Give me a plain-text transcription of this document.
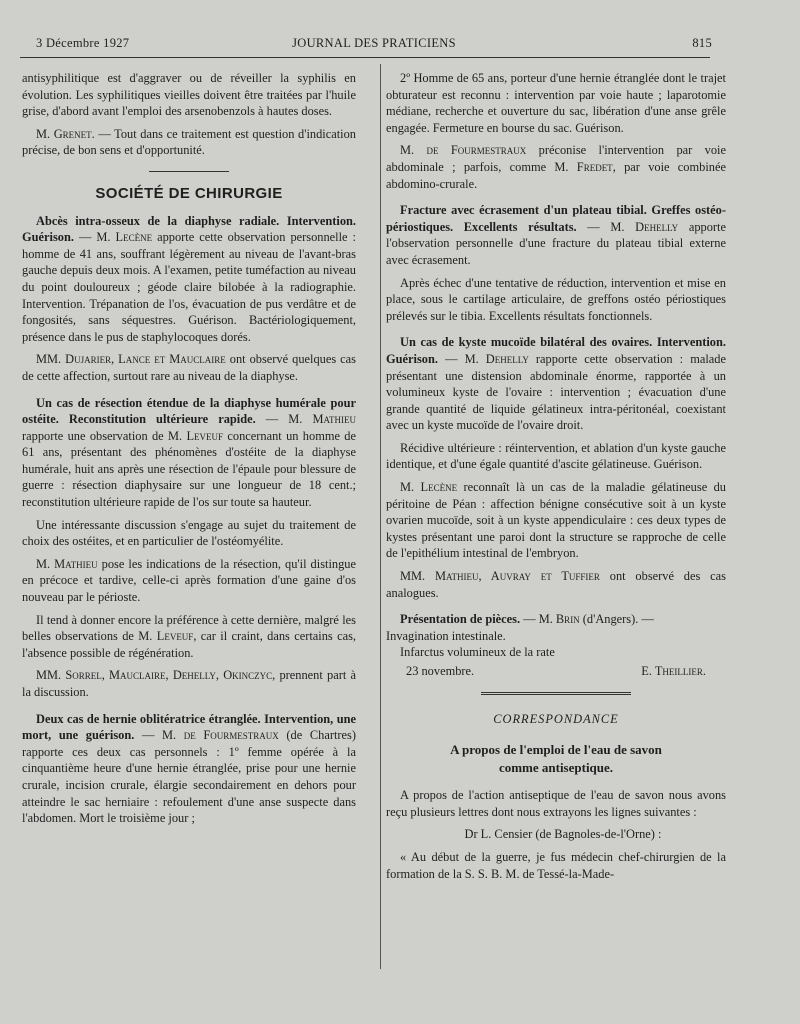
3 Décembre 1927	JOURNAL DES PRATICIENS	815

antisyphilitique est d'aggraver ou de réveiller la syphilis en évolution. Les syphilitiques vieilles doivent être traitées par l'huile grise, d'abord avant l'emploi des arsenobenzols à hautes doses.

M. Grenet. — Tout dans ce traitement est question d'indication précise, de bon sens et d'opportunité.

SOCIÉTÉ DE CHIRURGIE

Abcès intra-osseux de la diaphyse radiale. Intervention. Guérison. — M. Lecène apporte cette observation personnelle : homme de 41 ans, souffrant légèrement au niveau de l'avant-bras gauche depuis deux mois. A l'examen, petite tuméfaction au niveau du point douloureux ; géode claire bilobée à la radiographie. Intervention. Trépanation de l'os, évacuation de pus verdâtre et de fongosités, sans séquestres. Guérison. Bactériologiquement, présence dans le pus de staphylocoques dorés.

MM. Dujarier, Lance et Mauclaire ont observé quelques cas de cette affection, surtout rare au niveau de la diaphyse.

Un cas de résection étendue de la diaphyse humérale pour ostéite. Reconstitution ultérieure rapide. — M. Mathieu rapporte une observation de M. Leveuf concernant un homme de 61 ans, présentant des phénomènes d'ostéite de la diaphyse humérale, huit ans après une résection de l'épaule pour blessure de guerre : résection diaphysaire sur une longueur de 18 cent.; reconstitution ultérieure rapide de l'os sur toute sa hauteur.

Une intéressante discussion s'engage au sujet du traitement de choix des ostéites, et en particulier de l'ostéomyélite.

M. Mathieu pose les indications de la résection, qu'il distingue en précoce et tardive, celle-ci après formation d'une gaine d'os nouveau par le périoste.

Il tend à donner encore la préférence à cette dernière, malgré les belles observations de M. Leveuf, car il craint, dans certains cas, l'absence possible de régénération.

MM. Sorrel, Mauclaire, Dehelly, Okinczyc, prennent part à la discussion.

Deux cas de hernie oblitératrice étranglée. Intervention, une mort, une guérison. — M. de Fourmestraux (de Chartres) rapporte ces deux cas personnels : 1º femme opérée à la cinquantième heure d'une hernie étranglée, prise pour une hernie crurale, incision crurale, élargie secondairement en dehors pour atteindre le sac herniaire : refoulement d'une anse suspecte dans l'abdomen. Mort le troisième jour ;

2º Homme de 65 ans, porteur d'une hernie étranglée dont le trajet obturateur est reconnu : intervention par voie haute ; laparotomie médiane, recherche et ouverture du sac, libération d'une anse grêle engagée. Fermeture en bourse du sac. Guérison.

M. de Fourmestraux préconise l'intervention par voie abdominale ; parfois, comme M. Fredet, par voie combinée abdomino-crurale.

Fracture avec écrasement d'un plateau tibial. Greffes ostéo-périostiques. Excellents résultats. — M. Dehelly apporte l'observation personnelle d'une fracture du plateau tibial externe avec écrasement.

Après échec d'une tentative de réduction, intervention et mise en place, sous le cartilage articulaire, de greffons ostéo périostiques prélevés sur le tibia. Excellents résultats fonctionnels.

Un cas de kyste mucoïde bilatéral des ovaires. Intervention. Guérison. — M. Dehelly rapporte cette observation : malade présentant une distension abdominale énorme, rapportée à un volumineux kyste de l'ovaire : intervention ; évacuation d'une grande quantité de liquide gélatineux intra-péritonéal, coexistant avec un kyste mucoïde de l'ovaire droit.

Récidive ultérieure : réintervention, et ablation d'un kyste gauche identique, et d'une égale quantité d'ascite gélatineuse. Guérison.

M. Lecène reconnaît là un cas de la maladie gélatineuse du péritoine de Péan : affection bénigne consécutive soit à un kyste ovarien mucoïde, soit à un kyste appendiculaire : ces deux types de kystes présentant une paroi dont la structure se rapproche de celle de l'epithélium intestinal de l'embryon.

MM. Mathieu, Auvray et Tuffier ont observé des cas analogues.

Présentation de pièces. — M. Brin (d'Angers). —

Invagination intestinale.

Infarctus volumineux de la rate

23 novembre.	E. Theillier.
CORRESPONDANCE
A propos de l'emploi de l'eau de savon
comme antiseptique.

A propos de l'action antiseptique de l'eau de savon nous avons reçu plusieurs lettres dont nous extrayons les lignes suivantes :

Dr L. Censier (de Bagnoles-de-l'Orne) :

« Au début de la guerre, je fus médecin chef-chirurgien de la formation de la S. S. B. M. de Tessé-la-Made-
